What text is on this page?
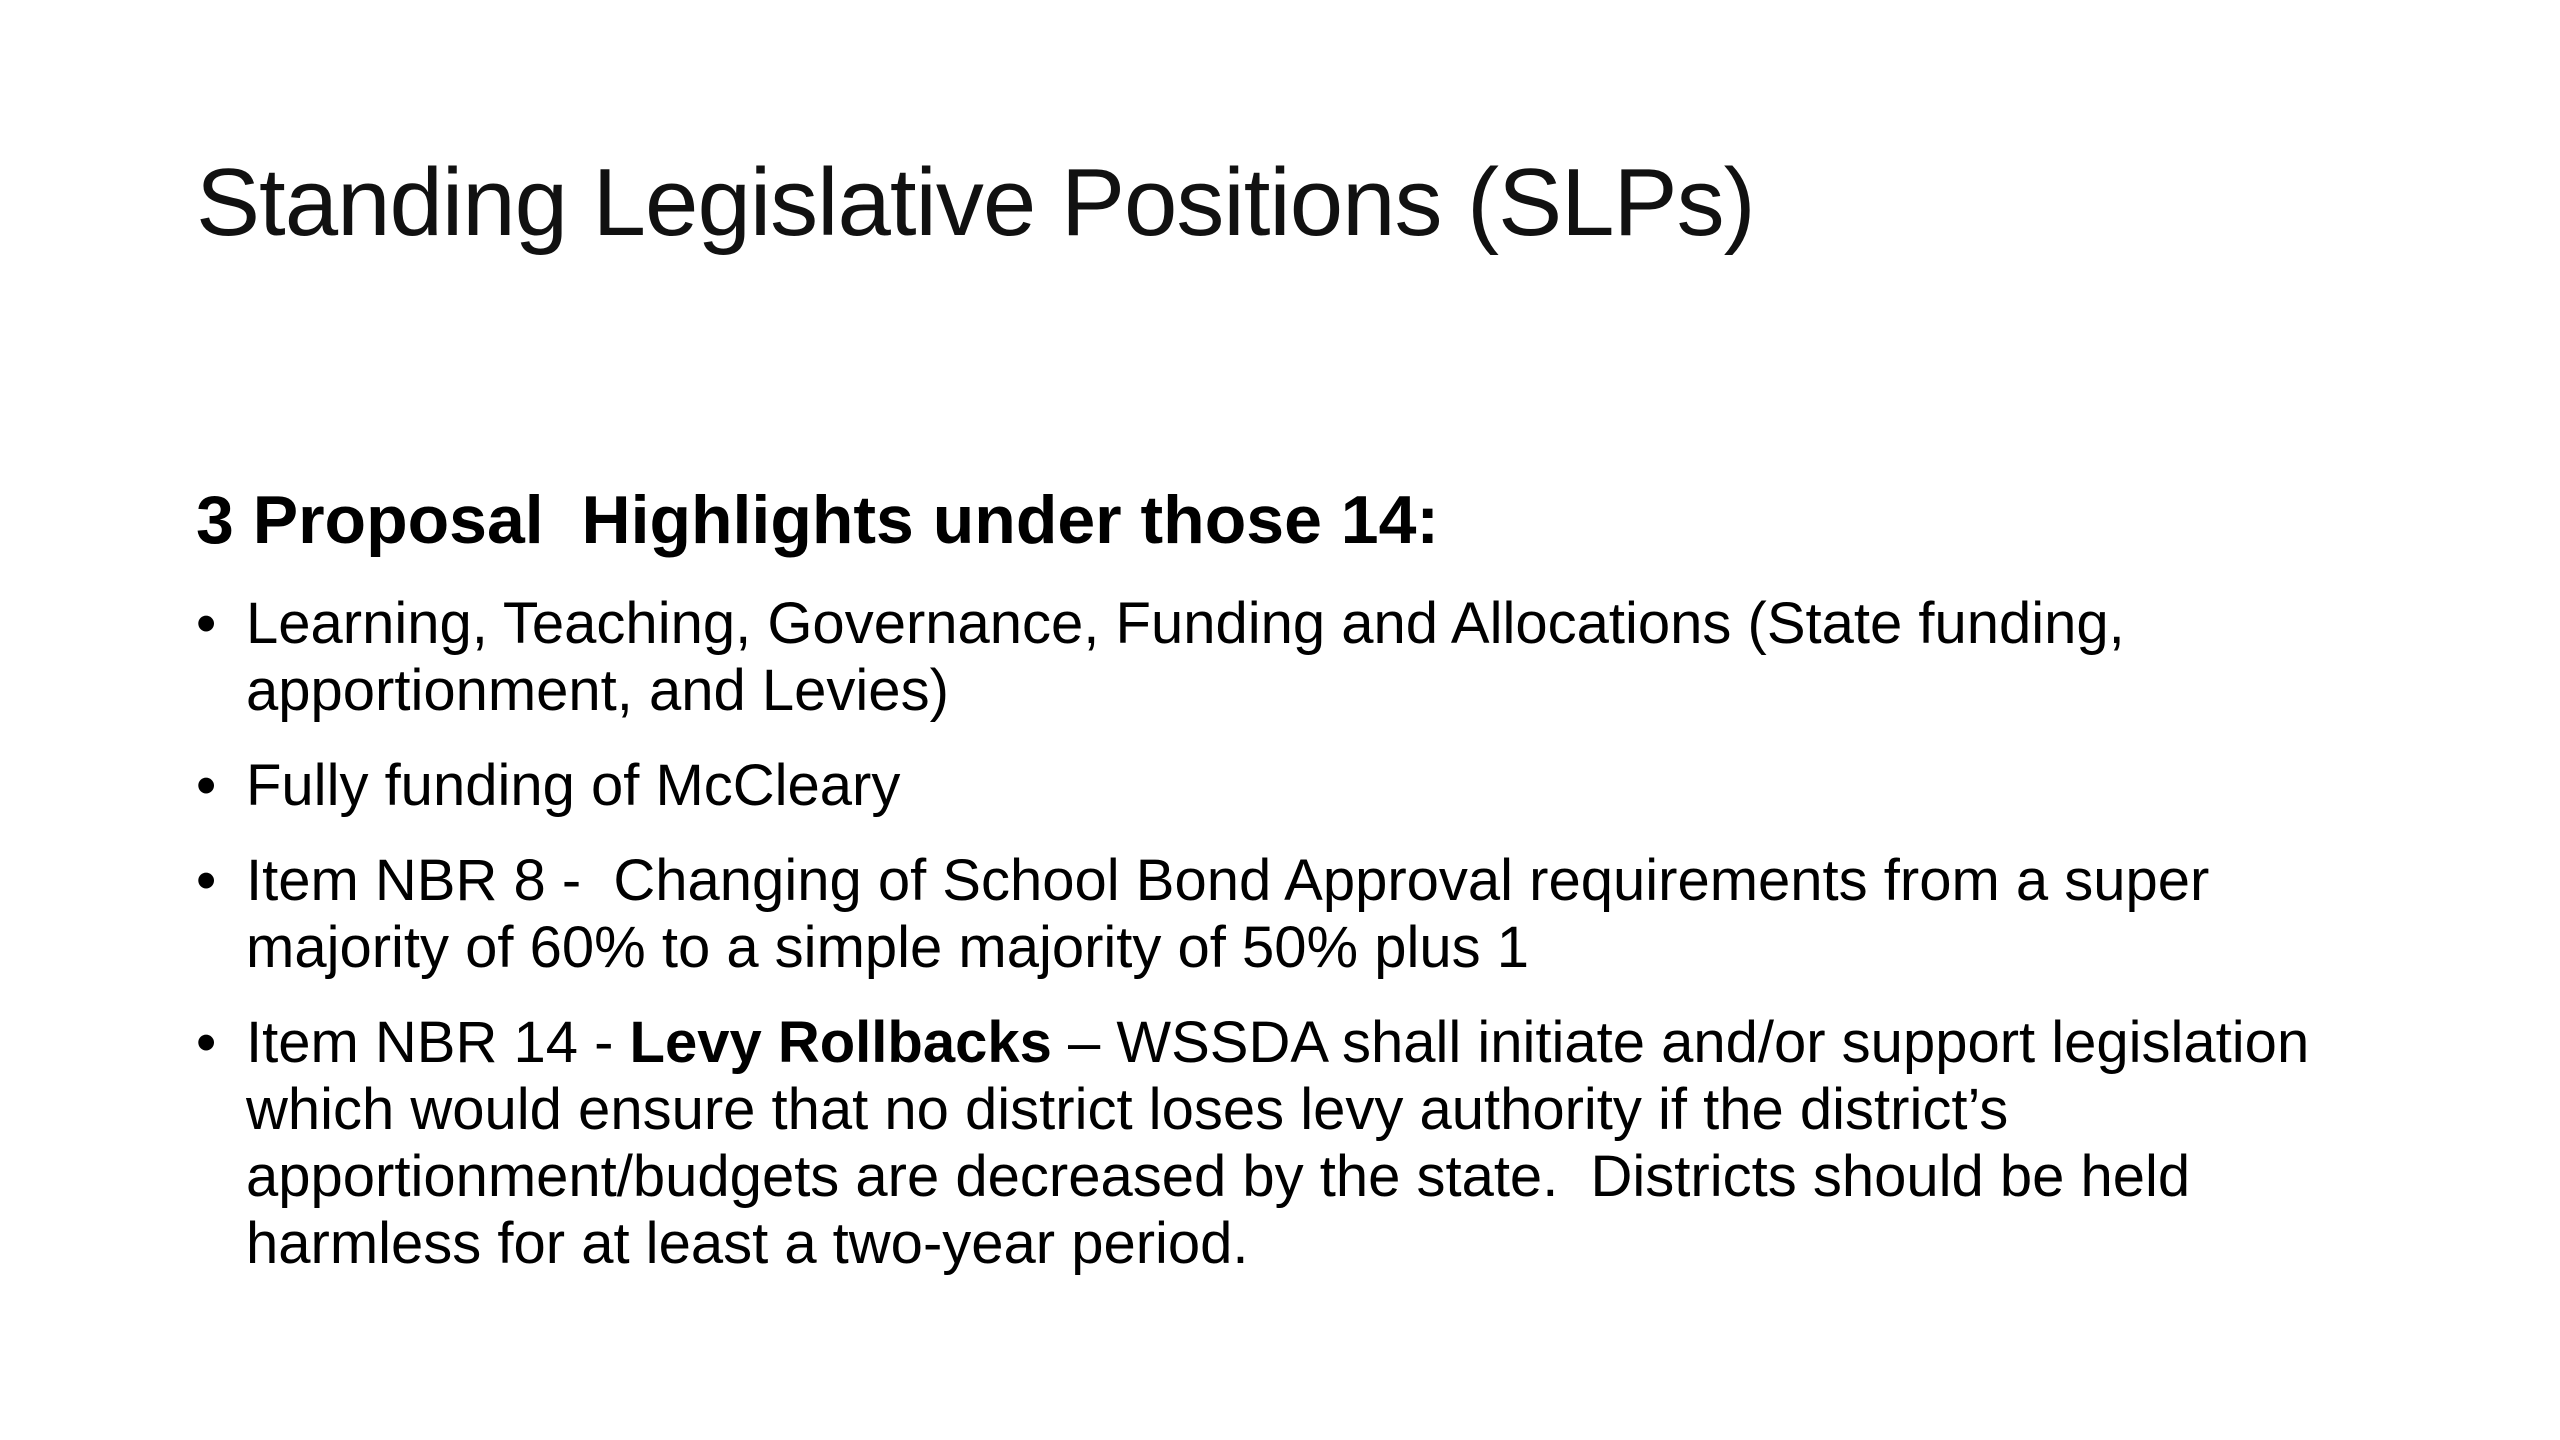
Standing Legislative Positions (SLPs)
3 Proposal  Highlights under those 14:
• Learning, Teaching, Governance, Funding and Allocations (State funding, apportionment, and Levies)
• Fully funding of McCleary
• Item NBR 8 -  Changing of School Bond Approval requirements from a super majority of 60% to a simple majority of 50% plus 1
• Item NBR 14 - Levy Rollbacks – WSSDA shall initiate and/or support legislation which would ensure that no district loses levy authority if the district’s apportionment/budgets are decreased by the state.  Districts should be held harmless for at least a two-year period.
